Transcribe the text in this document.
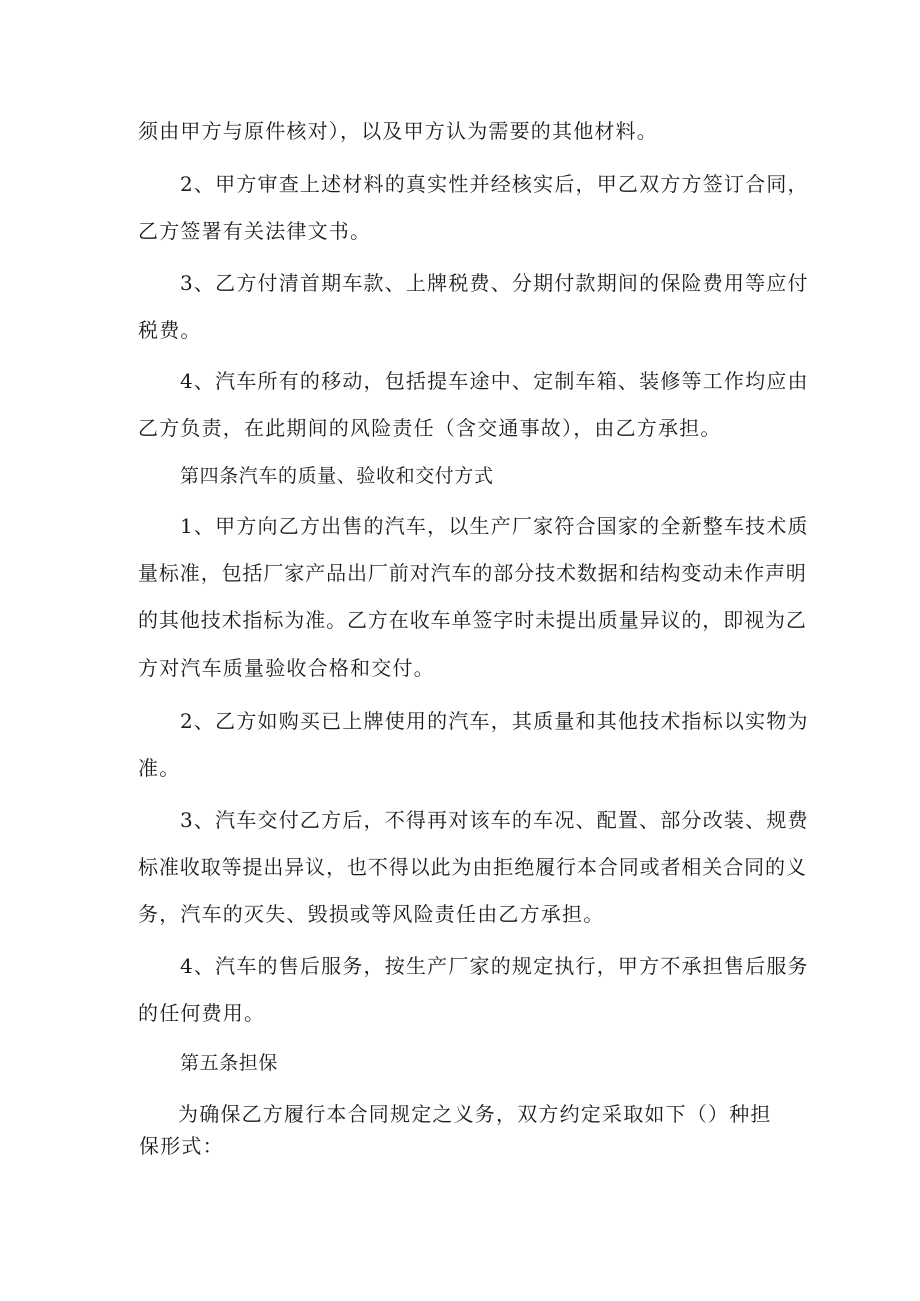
须由甲方与原件核对），以及甲方认为需要的其他材料。
2、甲方审查上述材料的真实性并经核实后，甲乙双方方签订合同，
乙方签署有关法律文书。
3、乙方付清首期车款、上牌税费、分期付款期间的保险费用等应付
税费。
4、汽车所有的移动，包括提车途中、定制车箱、装修等工作均应由
乙方负责，在此期间的风险责任（含交通事故），由乙方承担。
第四条汽车的质量、验收和交付方式
1、甲方向乙方出售的汽车，以生产厂家符合国家的全新整车技术质
量标准，包括厂家产品出厂前对汽车的部分技术数据和结构变动未作声明
的其他技术指标为准。乙方在收车单签字时未提出质量异议的，即视为乙
方对汽车质量验收合格和交付。
2、乙方如购买已上牌使用的汽车，其质量和其他技术指标以实物为
准。
3、汽车交付乙方后，不得再对该车的车况、配置、部分改装、规费
标准收取等提出异议，也不得以此为由拒绝履行本合同或者相关合同的义
务，汽车的灭失、毁损或等风险责任由乙方承担。
4、汽车的售后服务，按生产厂家的规定执行，甲方不承担售后服务
的任何费用。
第五条担保
为确保乙方履行本合同规定之义务，双方约定采取如下（）种担
保形式：
